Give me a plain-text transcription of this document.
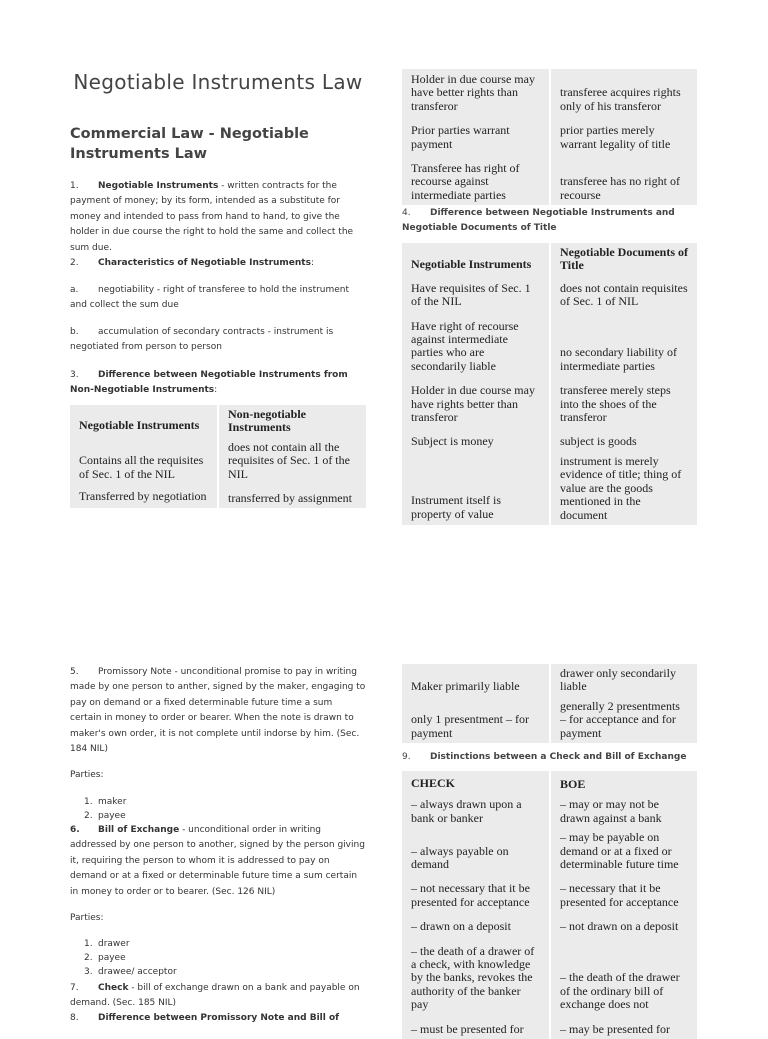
Negotiable Instruments Law
Commercial Law - Negotiable Instruments Law
1. Negotiable Instruments - written contracts for the payment of money; by its form, intended as a substitute for money and intended to pass from hand to hand, to give the holder in due course the right to hold the same and collect the sum due.
2. Characteristics of Negotiable Instruments:
a. negotiability - right of transferee to hold the instrument and collect the sum due
b. accumulation of secondary contracts - instrument is negotiated from person to person
3. Difference between Negotiable Instruments from Non-Negotiable Instruments:
Negotiable Instruments	Non-negotiable Instruments
Contains all the requisites of Sec. 1 of the NIL	does not contain all the requisites of Sec. 1 of the NIL
Transferred by negotiation	transferred by assignment
Holder in due course may have better rights than transferor	transferee acquires rights only of his transferor
Prior parties warrant payment	prior parties merely warrant legality of title
Transferee has right of recourse against intermediate parties	transferee has no right of recourse
4. Difference between Negotiable Instruments and Negotiable Documents of Title
Negotiable Instruments	Negotiable Documents of Title
Have requisites of Sec. 1 of the NIL	does not contain requisites of Sec. 1 of NIL
Have right of recourse against intermediate parties who are secondarily liable	no secondary liability of intermediate parties
Holder in due course may have rights better than transferor	transferee merely steps into the shoes of the transferor
Subject is money	subject is goods
Instrument itself is property of value	instrument is merely evidence of title; thing of value are the goods mentioned in the document
5. Promissory Note - unconditional promise to pay in writing made by one person to anther, signed by the maker, engaging to pay on demand or a fixed determinable future time a sum certain in money to order or bearer. When the note is drawn to maker's own order, it is not complete until indorse by him. (Sec. 184 NIL)
Parties:
1. maker
2. payee
6. Bill of Exchange - unconditional order in writing addressed by one person to another, signed by the person giving it, requiring the person to whom it is addressed to pay on demand or at a fixed or determinable future time a sum certain in money to order or to bearer. (Sec. 126 NIL)
Parties:
1. drawer
2. payee
3. drawee/ acceptor
7. Check - bill of exchange drawn on a bank and payable on demand. (Sec. 185 NIL)
8. Difference between Promissory Note and Bill of
Maker primarily liable	drawer only secondarily liable
only 1 presentment – for payment	generally 2 presentments – for acceptance and for payment
9. Distinctions between a Check and Bill of Exchange
CHECK	BOE
– always drawn upon a bank or banker	– may or may not be drawn against a bank
– always payable on demand	– may be payable on demand or at a fixed or determinable future time
– not necessary that it be presented for acceptance	– necessary that it be presented for acceptance
– drawn on a deposit	– not drawn on a deposit
– the death of a drawer of a check, with knowledge by the banks, revokes the authority of the banker pay	– the death of the drawer of the ordinary bill of exchange does not
– must be presented for	– may be presented for
